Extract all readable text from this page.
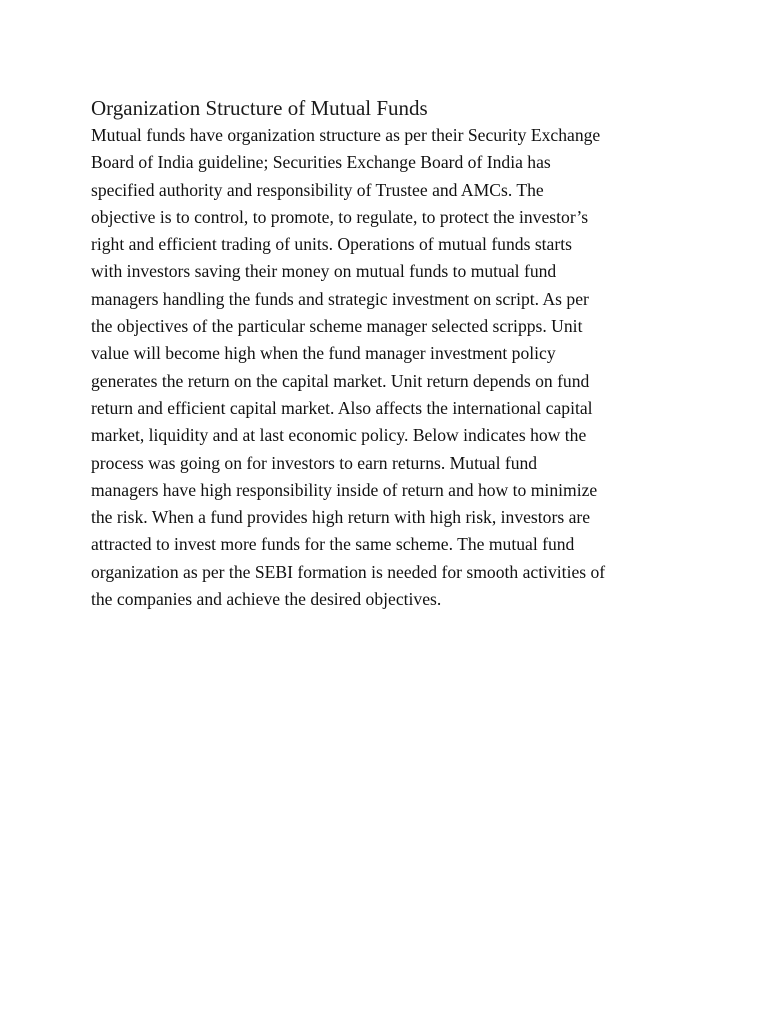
Organization Structure of Mutual Funds

Mutual funds have organization structure as per their Security Exchange
Board of India guideline; Securities Exchange Board of India has
specified authority and responsibility of Trustee and AMCs. The
objective is to control, to promote, to regulate, to protect the investor’s
right and efficient trading of units. Operations of mutual funds starts
with investors saving their money on mutual funds to mutual fund
managers handling the funds and strategic investment on script. As per
the objectives of the particular scheme manager selected scripps. Unit
value will become high when the fund manager investment policy
generates the return on the capital market. Unit return depends on fund
return and efficient capital market. Also affects the international capital
market, liquidity and at last economic policy. Below indicates how the
process was going on for investors to earn returns. Mutual fund
managers have high responsibility inside of return and how to minimize
the risk. When a fund provides high return with high risk, investors are
attracted to invest more funds for the same scheme. The mutual fund
organization as per the SEBI formation is needed for smooth activities of
the companies and achieve the desired objectives.
